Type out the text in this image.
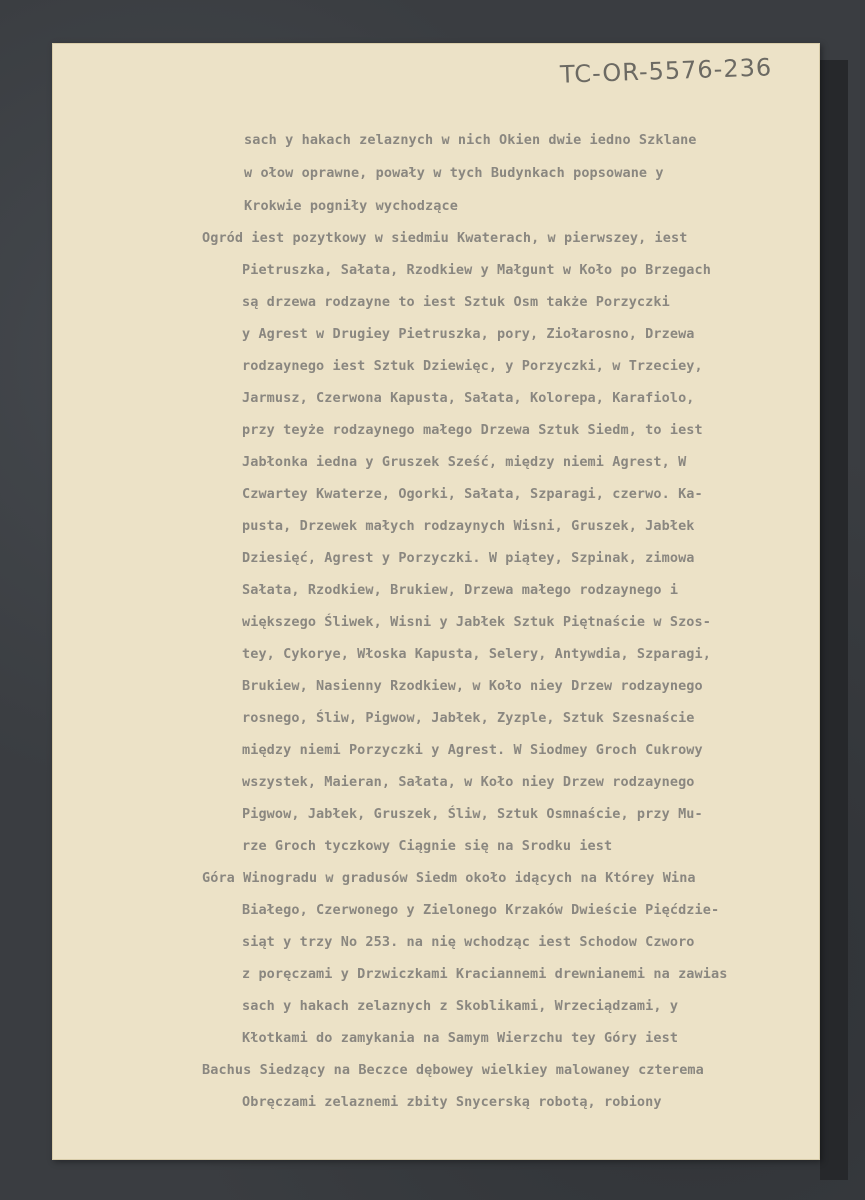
TC-OR-5576-236
sach y hakach zelaznych w nich Okien dwie iedno Szklane
w ołow oprawne, powały w tych Budynkach popsowane y
Krokwie pogniły wychodzące
Ogród iest pozytkowy w siedmiu Kwaterach, w pierwszey, iest
Pietruszka, Sałata, Rzodkiew y Małgunt w Koło po Brzegach
są drzewa rodzayne to iest Sztuk Osm także Porzyczki
y Agrest w Drugiey Pietruszka, pory, Ziołarosno, Drzewa
rodzaynego iest Sztuk Dziewięc, y Porzyczki, w Trzeciey,
Jarmusz, Czerwona Kapusta, Sałata, Kolorepa, Karafiolo,
przy teyże rodzaynego małego Drzewa Sztuk Siedm, to iest
Jabłonka iedna y Gruszek Sześć, między niemi Agrest, W
Czwartey Kwaterze, Ogorki, Sałata, Szparagi, czerwo. Ka-
pusta, Drzewek małych rodzaynych Wisni, Gruszek, Jabłek
Dziesięć, Agrest y Porzyczki. W piątey, Szpinak, zimowa
Sałata, Rzodkiew, Brukiew, Drzewa małego rodzaynego i
większego Śliwek, Wisni y Jabłek Sztuk Piętnaście w Szos-
tey, Cykorye, Włoska Kapusta, Selery, Antywdia, Szparagi,
Brukiew, Nasienny Rzodkiew, w Koło niey Drzew rodzaynego
rosnego, Śliw, Pigwow, Jabłek, Zyzple, Sztuk Szesnaście
między niemi Porzyczki y Agrest. W Siodmey Groch Cukrowy
wszystek, Maieran, Sałata, w Koło niey Drzew rodzaynego
Pigwow, Jabłek, Gruszek, Śliw, Sztuk Osmnaście, przy Mu-
rze Groch tyczkowy Ciągnie się na Srodku iest
Góra Winogradu w gradusów Siedm około idących na Którey Wina
Białego, Czerwonego y Zielonego Krzaków Dwieście Pięćdzie-
siąt y trzy No 253. na nię wchodząc iest Schodow Czworo
z poręczami y Drzwiczkami Kraciannemi drewnianemi na zawias
sach y hakach zelaznych z Skoblikami, Wrzeciądzami, y
Kłotkami do zamykania na Samym Wierzchu tey Góry iest
Bachus Siedzący na Beczce dębowey wielkiey malowaney czterema
Obręczami zelaznemi zbity Snycerską robotą, robiony
